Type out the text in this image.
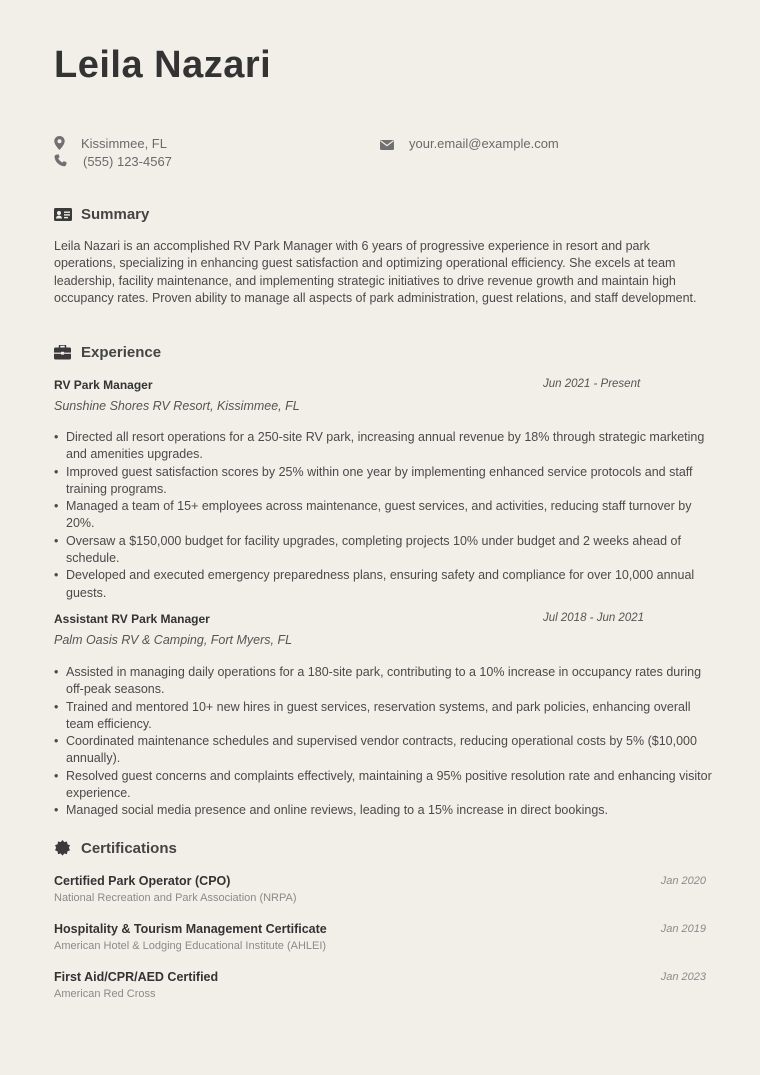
Leila Nazari
Kissimmee, FL
(555) 123-4567
your.email@example.com
Summary

Leila Nazari is an accomplished RV Park Manager with 6 years of progressive experience in resort and park operations, specializing in enhancing guest satisfaction and optimizing operational efficiency. She excels at team leadership, facility maintenance, and implementing strategic initiatives to drive revenue growth and maintain high occupancy rates. Proven ability to manage all aspects of park administration, guest relations, and staff development.

Experience

RV Park Manager	Jun 2021 - Present

Sunshine Shores RV Resort, Kissimmee, FL

• Directed all resort operations for a 250-site RV park, increasing annual revenue by 18% through strategic marketing and amenities upgrades.
• Improved guest satisfaction scores by 25% within one year by implementing enhanced service protocols and staff training programs.
• Managed a team of 15+ employees across maintenance, guest services, and activities, reducing staff turnover by 20%.
• Oversaw a $150,000 budget for facility upgrades, completing projects 10% under budget and 2 weeks ahead of schedule.
• Developed and executed emergency preparedness plans, ensuring safety and compliance for over 10,000 annual guests.

Assistant RV Park Manager	Jul 2018 - Jun 2021

Palm Oasis RV & Camping, Fort Myers, FL

• Assisted in managing daily operations for a 180-site park, contributing to a 10% increase in occupancy rates during off-peak seasons.
• Trained and mentored 10+ new hires in guest services, reservation systems, and park policies, enhancing overall team efficiency.
• Coordinated maintenance schedules and supervised vendor contracts, reducing operational costs by 5% ($10,000 annually).
• Resolved guest concerns and complaints effectively, maintaining a 95% positive resolution rate and enhancing visitor experience.
• Managed social media presence and online reviews, leading to a 15% increase in direct bookings.
Certifications

Certified Park Operator (CPO)	Jan 2020

National Recreation and Park Association (NRPA)

Hospitality & Tourism Management Certificate	Jan 2019

American Hotel & Lodging Educational Institute (AHLEI)

First Aid/CPR/AED Certified	Jan 2023

American Red Cross
